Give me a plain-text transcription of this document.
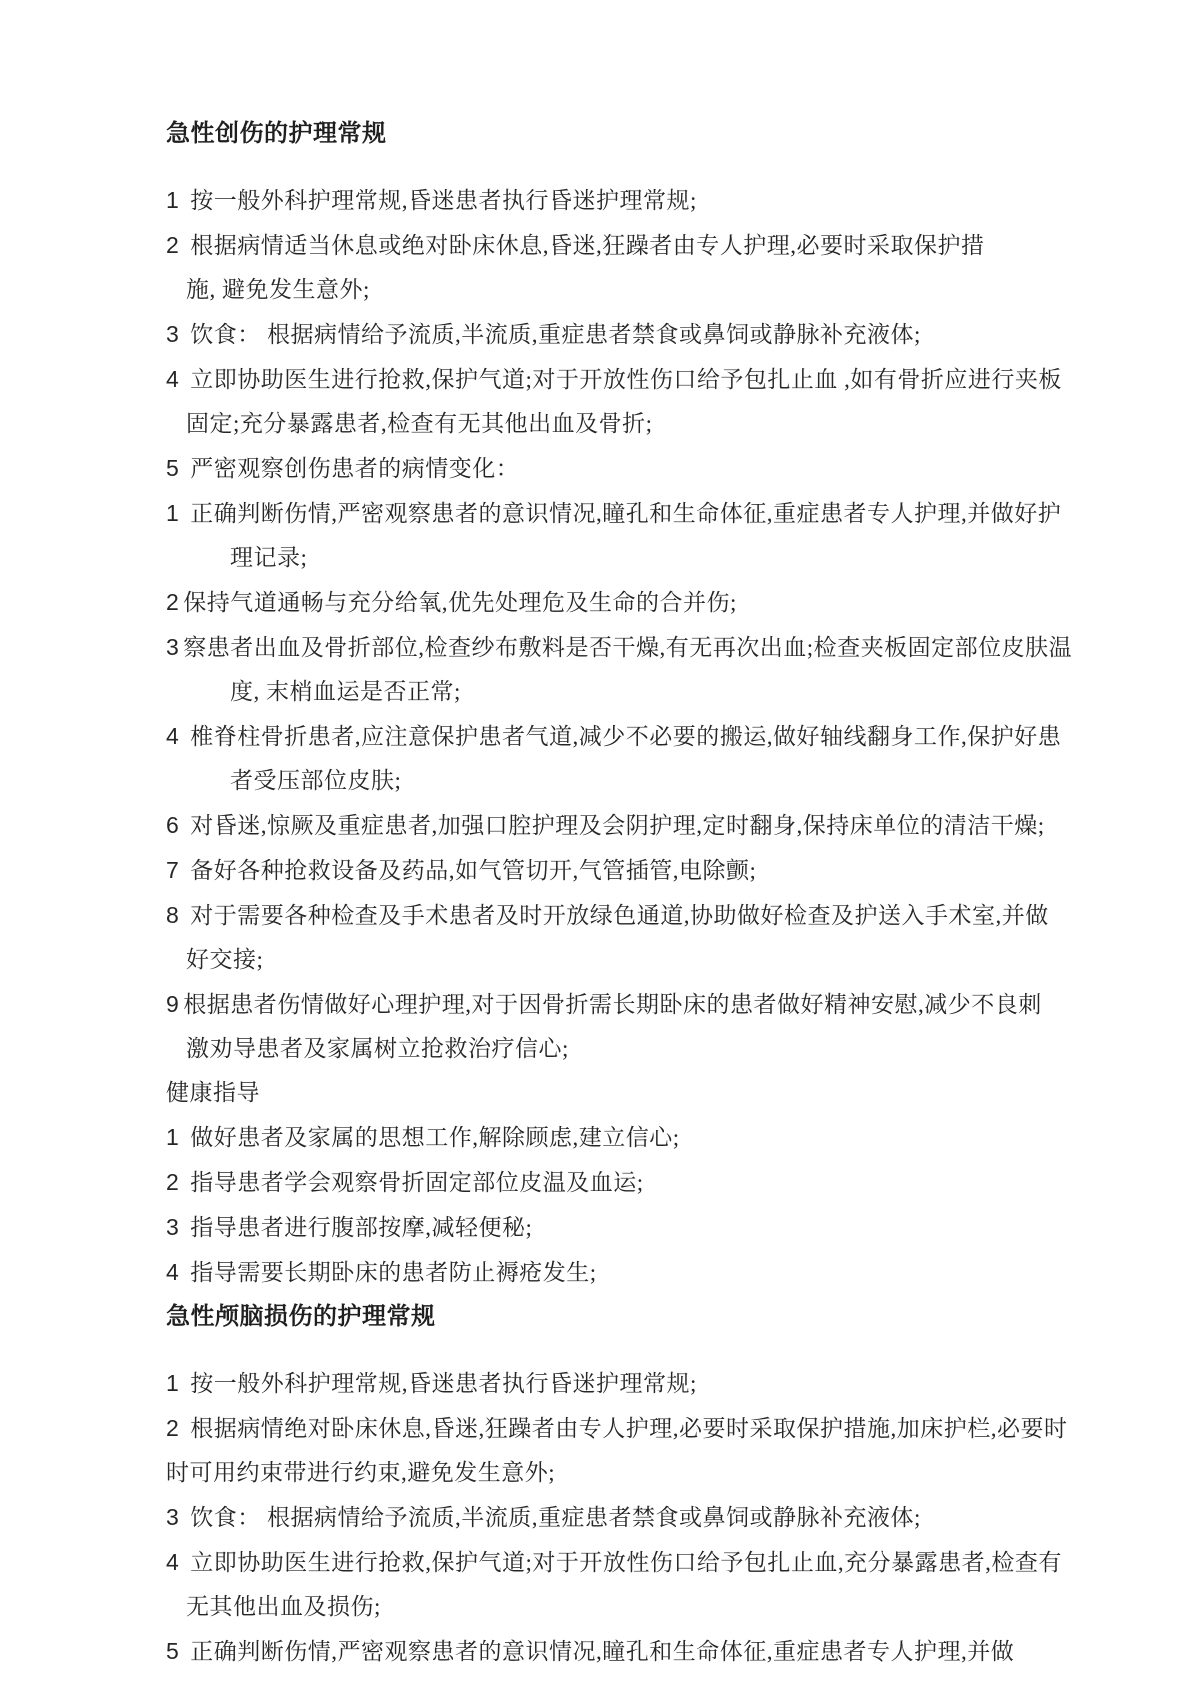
急性创伤的护理常规

1 按一般外科护理常规,昏迷患者执行昏迷护理常规;

2 根据病情适当休息或绝对卧床休息,昏迷,狂躁者由专人护理,必要时采取保护措

施, 避免发生意外;

3 饮食： 根据病情给予流质,半流质,重症患者禁食或鼻饲或静脉补充液体;

4 立即协助医生进行抢救,保护气道;对于开放性伤口给予包扎止血 ,如有骨折应进行夹板

固定;充分暴露患者,检查有无其他出血及骨折;

5 严密观察创伤患者的病情变化：

1 正确判断伤情,严密观察患者的意识情况,瞳孔和生命体征,重症患者专人护理,并做好护

理记录;

2 保持气道通畅与充分给氧,优先处理危及生命的合并伤;

3 察患者出血及骨折部位,检查纱布敷料是否干燥,有无再次出血;检查夹板固定部位皮肤温

度, 末梢血运是否正常;

4 椎脊柱骨折患者,应注意保护患者气道,减少不必要的搬运,做好轴线翻身工作,保护好患

者受压部位皮肤;

6 对昏迷,惊厥及重症患者,加强口腔护理及会阴护理,定时翻身,保持床单位的清洁干燥;

7 备好各种抢救设备及药品,如气管切开,气管插管,电除颤;

8 对于需要各种检查及手术患者及时开放绿色通道,协助做好检查及护送入手术室,并做

好交接;

9 根据患者伤情做好心理护理,对于因骨折需长期卧床的患者做好精神安慰,减少不良刺

激劝导患者及家属树立抢救治疗信心;

健康指导

1 做好患者及家属的思想工作,解除顾虑,建立信心;

2 指导患者学会观察骨折固定部位皮温及血运;

3 指导患者进行腹部按摩,减轻便秘;

4 指导需要长期卧床的患者防止褥疮发生;

急性颅脑损伤的护理常规

1 按一般外科护理常规,昏迷患者执行昏迷护理常规;

2 根据病情绝对卧床休息,昏迷,狂躁者由专人护理,必要时采取保护措施,加床护栏,必要时

时可用约束带进行约束,避免发生意外;

3 饮食： 根据病情给予流质,半流质,重症患者禁食或鼻饲或静脉补充液体;

4 立即协助医生进行抢救,保护气道;对于开放性伤口给予包扎止血,充分暴露患者,检查有

无其他出血及损伤;

5 正确判断伤情,严密观察患者的意识情况,瞳孔和生命体征,重症患者专人护理,并做
